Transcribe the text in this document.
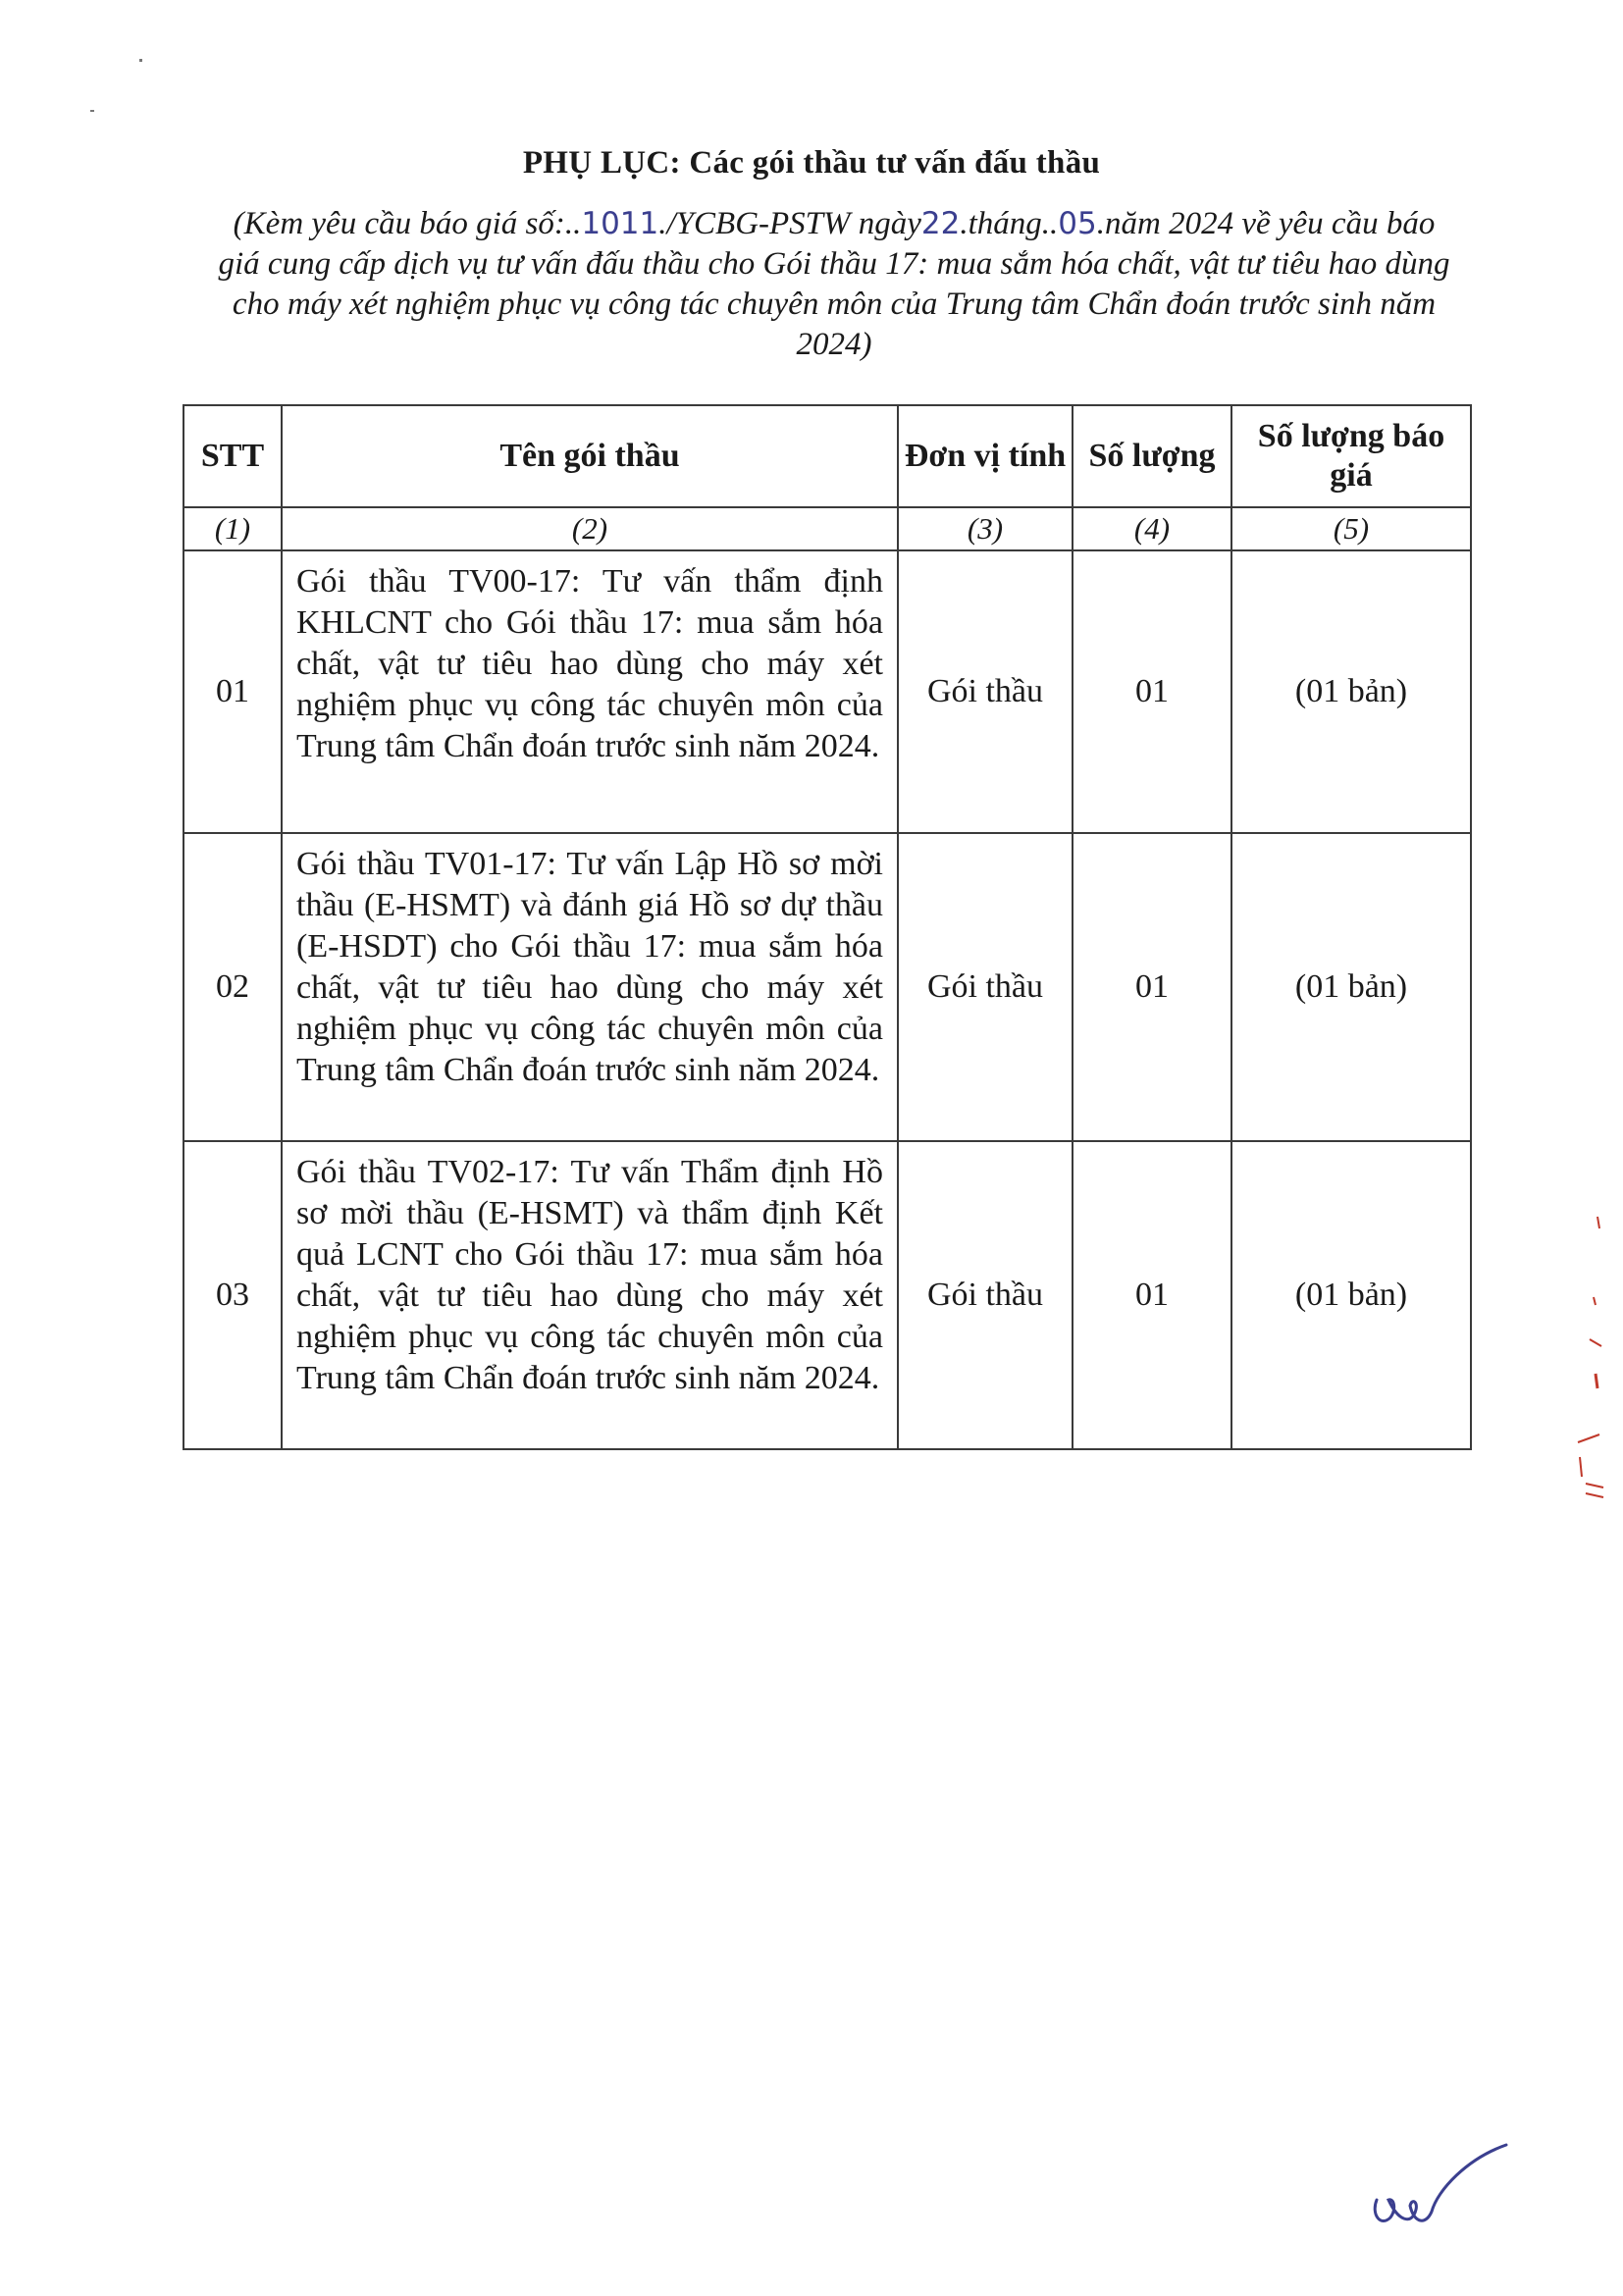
PHỤ LỤC: Các gói thầu tư vấn đấu thầu
(Kèm yêu cầu báo giá số:..1011./YCBG-PSTW ngày22.tháng..05.năm 2024 về yêu cầu báo giá cung cấp dịch vụ tư vấn đấu thầu cho Gói thầu 17: mua sắm hóa chất, vật tư tiêu hao dùng cho máy xét nghiệm phục vụ công tác chuyên môn của Trung tâm Chẩn đoán trước sinh năm 2024)
STT	Tên gói thầu	Đơn vị tính	Số lượng	Số lượng báo giá
(1)	(2)	(3)	(4)	(5)
01	Gói thầu TV00-17: Tư vấn thẩm định KHLCNT cho Gói thầu 17: mua sắm hóa chất, vật tư tiêu hao dùng cho máy xét nghiệm phục vụ công tác chuyên môn của Trung tâm Chẩn đoán trước sinh năm 2024.	Gói thầu	01	(01 bản)
02	Gói thầu TV01-17: Tư vấn Lập Hồ sơ mời thầu (E-HSMT) và đánh giá Hồ sơ dự thầu (E-HSDT) cho Gói thầu 17: mua sắm hóa chất, vật tư tiêu hao dùng cho máy xét nghiệm phục vụ công tác chuyên môn của Trung tâm Chẩn đoán trước sinh năm 2024.	Gói thầu	01	(01 bản)
03	Gói thầu TV02-17: Tư vấn Thẩm định Hồ sơ mời thầu (E-HSMT) và thẩm định Kết quả LCNT cho Gói thầu 17: mua sắm hóa chất, vật tư tiêu hao dùng cho máy xét nghiệm phục vụ công tác chuyên môn của Trung tâm Chẩn đoán trước sinh năm 2024.	Gói thầu	01	(01 bản)
